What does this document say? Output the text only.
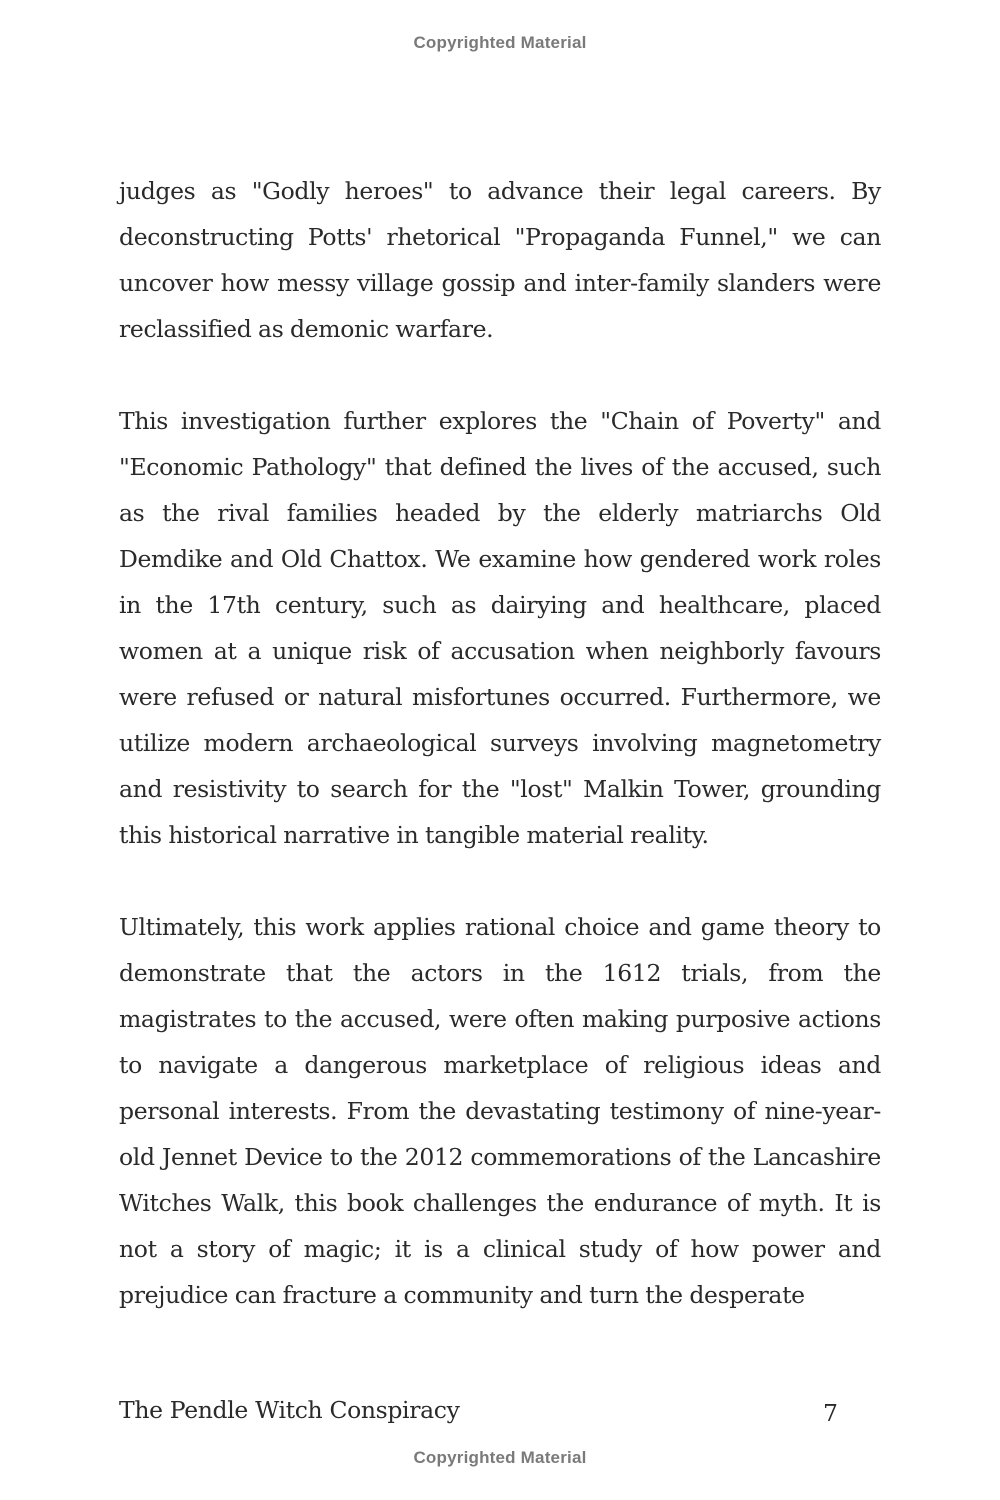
Copyrighted Material

judges as "Godly heroes" to advance their legal careers. By deconstructing Potts' rhetorical "Propaganda Funnel," we can uncover how messy village gossip and inter-family slanders were reclassified as demonic warfare.

This investigation further explores the "Chain of Poverty" and "Economic Pathology" that defined the lives of the accused, such as the rival families headed by the elderly matriarchs Old Demdike and Old Chattox. We examine how gendered work roles in the 17th century, such as dairying and healthcare, placed women at a unique risk of accusation when neighborly favours were refused or natural misfortunes occurred. Furthermore, we utilize modern archaeological surveys involving magnetometry and resistivity to search for the "lost" Malkin Tower, grounding this historical narrative in tangible material reality.

Ultimately, this work applies rational choice and game theory to demonstrate that the actors in the 1612 trials, from the magistrates to the accused, were often making purposive actions to navigate a dangerous marketplace of religious ideas and personal interests. From the devastating testimony of nine-year-old Jennet Device to the 2012 commemorations of the Lancashire Witches Walk, this book challenges the endurance of myth. It is not a story of magic; it is a clinical study of how power and prejudice can fracture a community and turn the desperate

The Pendle Witch Conspiracy	7
Copyrighted Material
